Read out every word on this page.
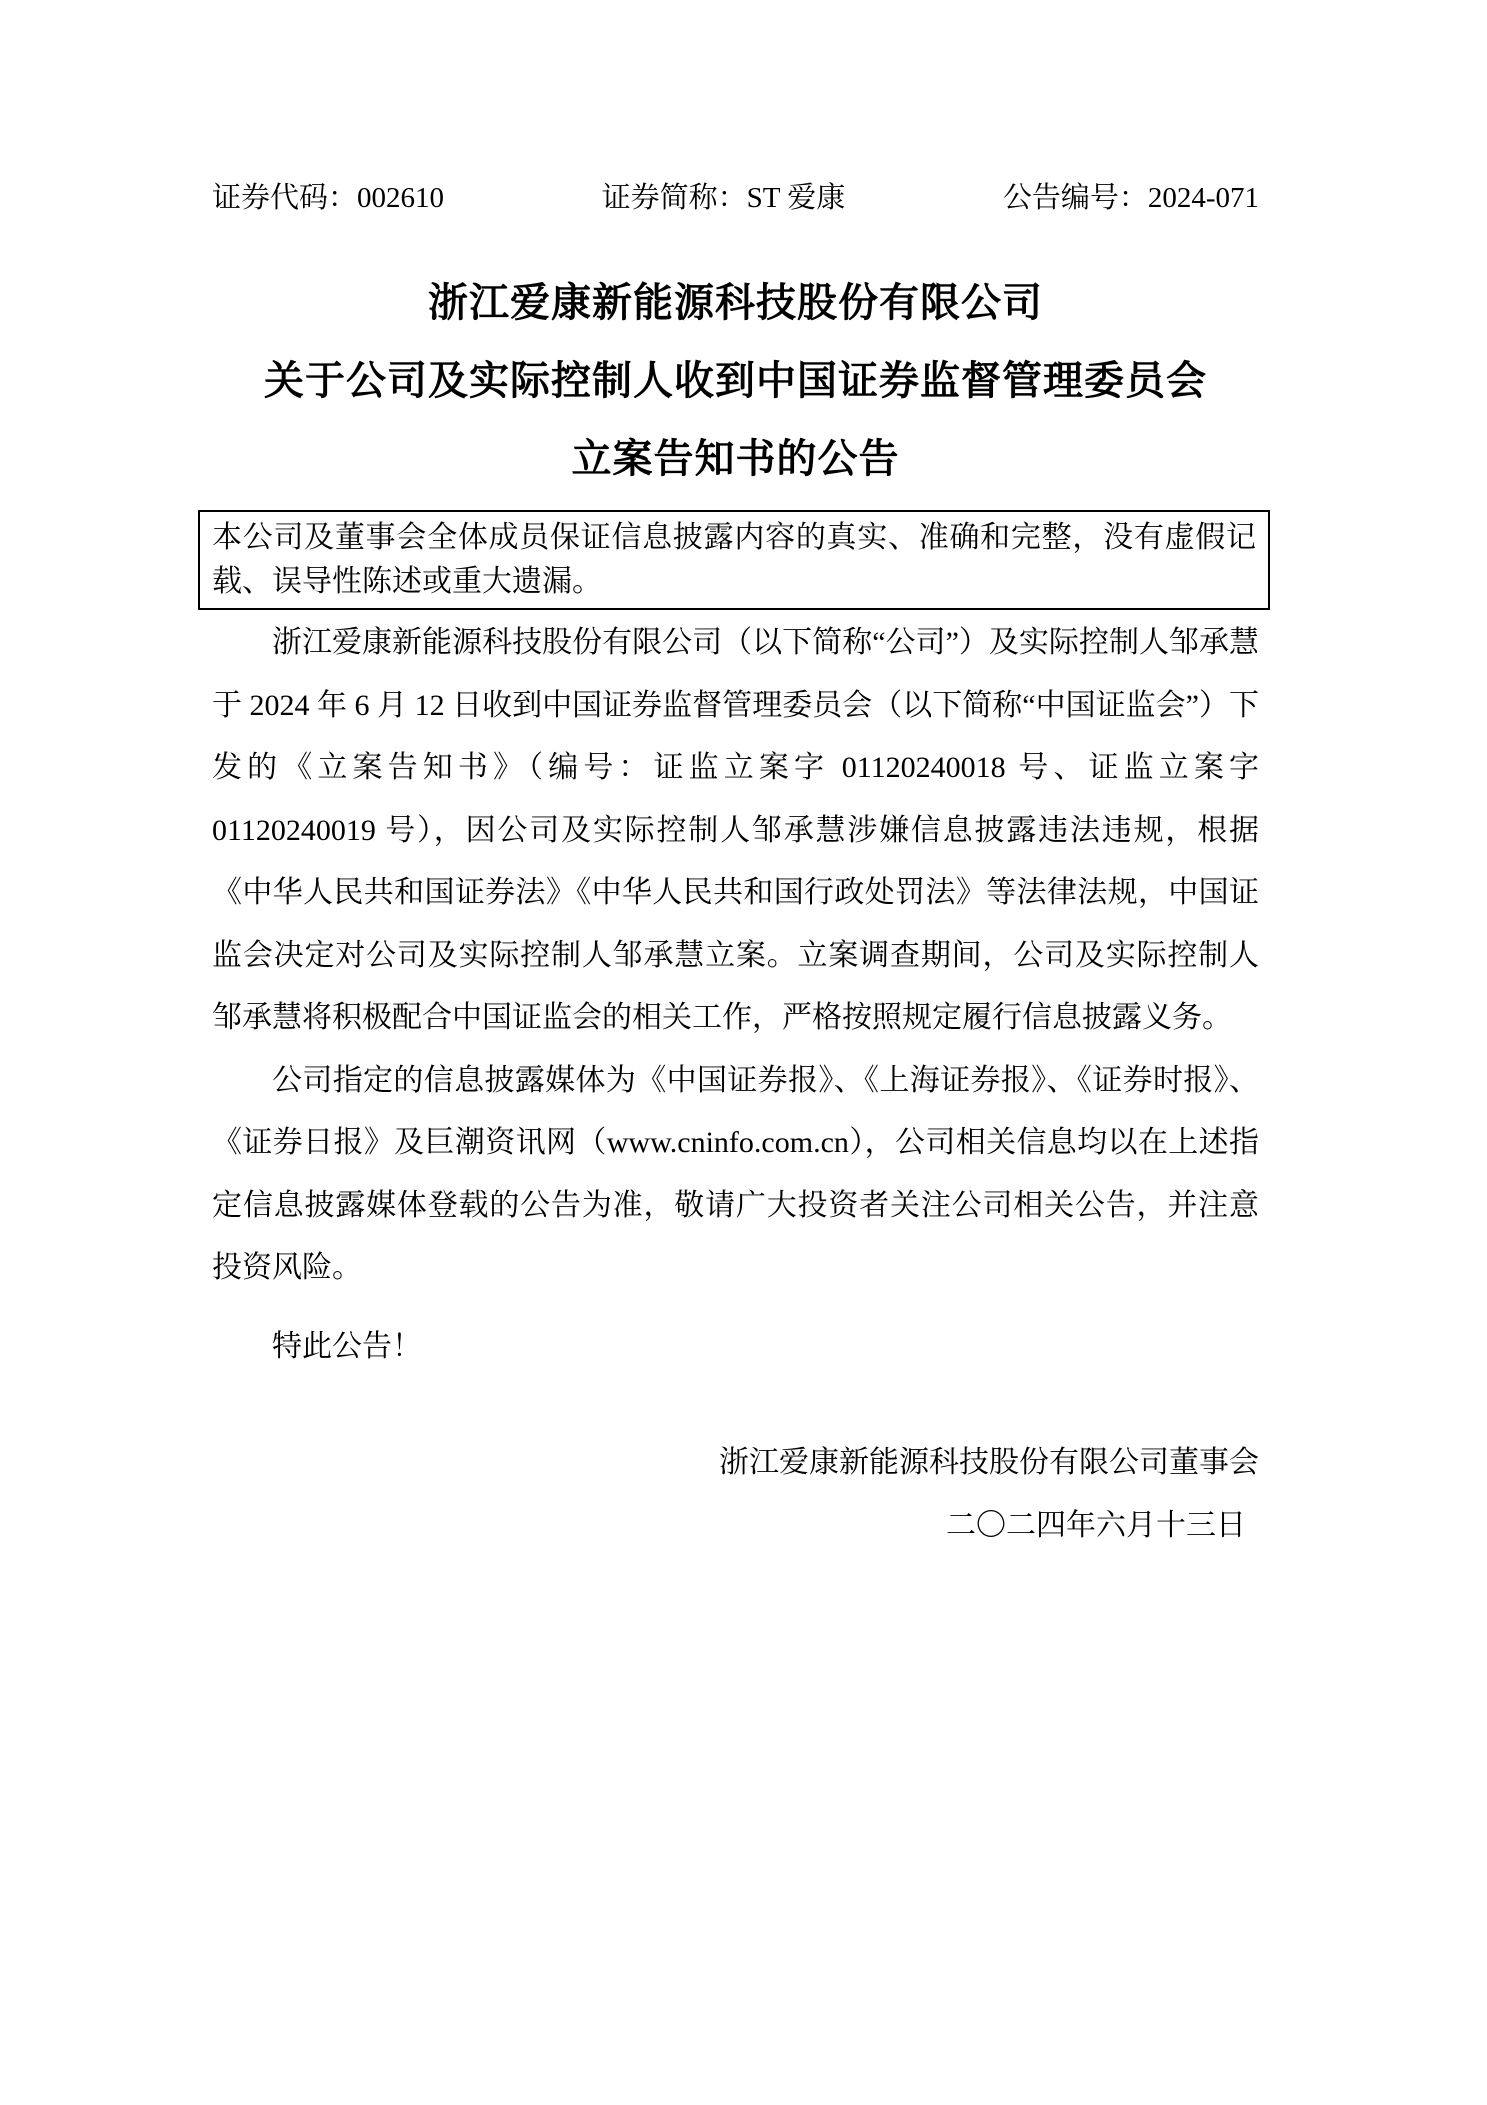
证券代码：002610	证券简称：ST 爱康	公告编号：2024-071
浙江爱康新能源科技股份有限公司
关于公司及实际控制人收到中国证券监督管理委员会
立案告知书的公告
本公司及董事会全体成员保证信息披露内容的真实、准确和完整，没有虚假记载、误导性陈述或重大遗漏。

浙江爱康新能源科技股份有限公司（以下简称“公司”）及实际控制人邹承慧于 2024 年 6 月 12 日收到中国证券监督管理委员会（以下简称“中国证监会”）下发的《立案告知书》（编号：证监立案字 01120240018 号、证监立案字 01120240019 号），因公司及实际控制人邹承慧涉嫌信息披露违法违规，根据《中华人民共和国证券法》《中华人民共和国行政处罚法》等法律法规，中国证监会决定对公司及实际控制人邹承慧立案。立案调查期间，公司及实际控制人邹承慧将积极配合中国证监会的相关工作，严格按照规定履行信息披露义务。

公司指定的信息披露媒体为《中国证券报》、《上海证券报》、《证券时报》、《证券日报》及巨潮资讯网（www.cninfo.com.cn），公司相关信息均以在上述指定信息披露媒体登载的公告为准，敬请广大投资者关注公司相关公告，并注意投资风险。

特此公告！

浙江爱康新能源科技股份有限公司董事会
二〇二四年六月十三日
